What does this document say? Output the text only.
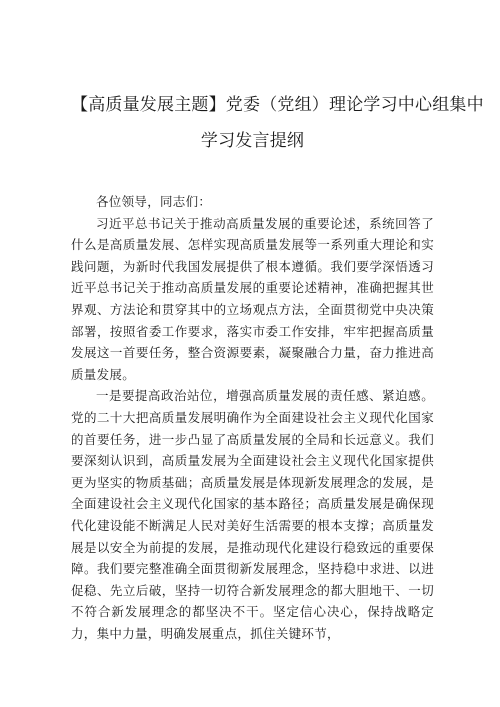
【高质量发展主题】党委（党组）理论学习中心组集中
学习发言提纲

各位领导，同志们：

习近平总书记关于推动高质量发展的重要论述，系统回答了什么是高质量发展、怎样实现高质量发展等一系列重大理论和实践问题，为新时代我国发展提供了根本遵循。我们要学深悟透习近平总书记关于推动高质量发展的重要论述精神，准确把握其世界观、方法论和贯穿其中的立场观点方法，全面贯彻党中央决策部署，按照省委工作要求，落实市委工作安排，牢牢把握高质量发展这一首要任务，整合资源要素，凝聚融合力量，奋力推进高质量发展。

一是要提高政治站位，增强高质量发展的责任感、紧迫感。党的二十大把高质量发展明确作为全面建设社会主义现代化国家的首要任务，进一步凸显了高质量发展的全局和长远意义。我们要深刻认识到，高质量发展为全面建设社会主义现代化国家提供更为坚实的物质基础；高质量发展是体现新发展理念的发展，是全面建设社会主义现代化国家的基本路径；高质量发展是确保现代化建设能不断满足人民对美好生活需要的根本支撑；高质量发展是以安全为前提的发展，是推动现代化建设行稳致远的重要保障。我们要完整准确全面贯彻新发展理念，坚持稳中求进、以进促稳、先立后破，坚持一切符合新发展理念的都大胆地干、一切不符合新发展理念的都坚决不干。坚定信心决心，保持战略定力，集中力量，明确发展重点，抓住关键环节，
